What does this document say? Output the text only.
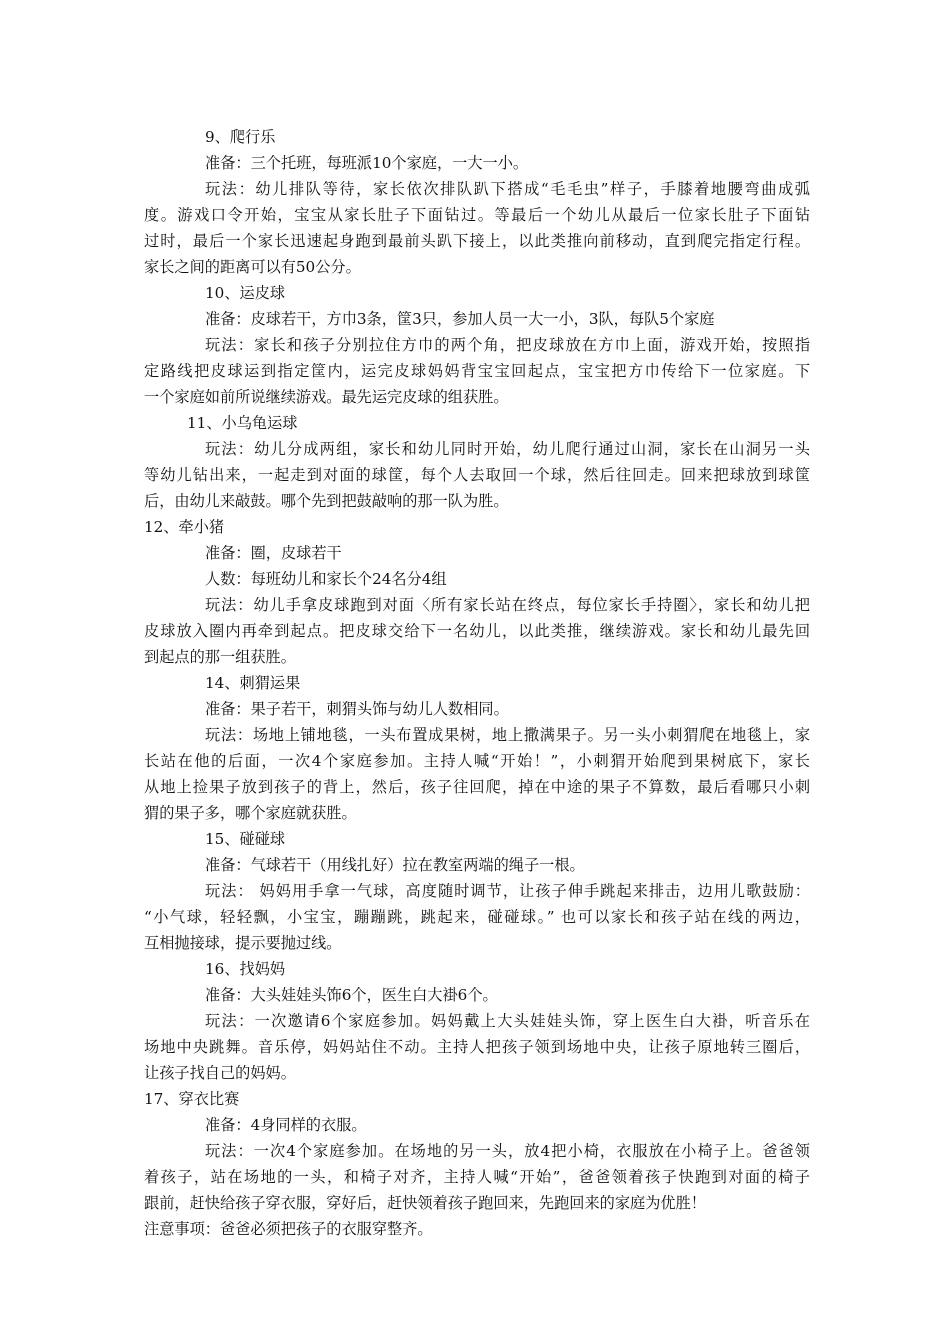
9、爬行乐
准备：三个托班，每班派10个家庭，一大一小。
玩法：幼儿排队等待，家长依次排队趴下搭成“毛毛虫”样子，手膝着地腰弯曲成弧
度。游戏口令开始，宝宝从家长肚子下面钻过。等最后一个幼儿从最后一位家长肚子下面钻
过时，最后一个家长迅速起身跑到最前头趴下接上，以此类推向前移动，直到爬完指定行程。
家长之间的距离可以有50公分。
10、运皮球
准备：皮球若干，方巾3条，筐3只，参加人员一大一小，3队，每队5个家庭
玩法：家长和孩子分别拉住方巾的两个角，把皮球放在方巾上面，游戏开始，按照指
定路线把皮球运到指定筐内，运完皮球妈妈背宝宝回起点，宝宝把方巾传给下一位家庭。下
一个家庭如前所说继续游戏。最先运完皮球的组获胜。
11、小乌龟运球
玩法：幼儿分成两组，家长和幼儿同时开始，幼儿爬行通过山洞，家长在山洞另一头
等幼儿钻出来，一起走到对面的球筐，每个人去取回一个球，然后往回走。回来把球放到球筐
后，由幼儿来敲鼓。哪个先到把鼓敲响的那一队为胜。
12、牵小猪
准备：圈，皮球若干
人数：每班幼儿和家长个24名分4组
玩法：幼儿手拿皮球跑到对面〈所有家长站在终点，每位家长手持圈〉，家长和幼儿把
皮球放入圈内再牵到起点。把皮球交给下一名幼儿，以此类推，继续游戏。家长和幼儿最先回
到起点的那一组获胜。
14、刺猬运果
准备：果子若干，刺猬头饰与幼儿人数相同。
玩法：场地上铺地毯，一头布置成果树，地上撒满果子。另一头小刺猬爬在地毯上，家
长站在他的后面，一次4个家庭参加。主持人喊“开始！”，小刺猬开始爬到果树底下，家长
从地上捡果子放到孩子的背上，然后，孩子往回爬，掉在中途的果子不算数，最后看哪只小刺
猬的果子多，哪个家庭就获胜。
15、碰碰球
准备：气球若干（用线扎好）拉在教室两端的绳子一根。
玩法： 妈妈用手拿一气球，高度随时调节，让孩子伸手跳起来排击，边用儿歌鼓励：
“小气球，轻轻飘，小宝宝，蹦蹦跳，跳起来，碰碰球。” 也可以家长和孩子站在线的两边，
互相抛接球，提示要抛过线。
16、找妈妈
准备：大头娃娃头饰6个，医生白大褂6个。
玩法：一次邀请6个家庭参加。妈妈戴上大头娃娃头饰，穿上医生白大褂，听音乐在
场地中央跳舞。音乐停，妈妈站住不动。主持人把孩子领到场地中央，让孩子原地转三圈后，
让孩子找自己的妈妈。
17、穿衣比赛
准备：4身同样的衣服。
玩法：一次4个家庭参加。在场地的另一头，放4把小椅，衣服放在小椅子上。爸爸领
着孩子，站在场地的一头，和椅子对齐，主持人喊“开始”，爸爸领着孩子快跑到对面的椅子
跟前，赶快给孩子穿衣服，穿好后，赶快领着孩子跑回来，先跑回来的家庭为优胜！
注意事项：爸爸必须把孩子的衣服穿整齐。
